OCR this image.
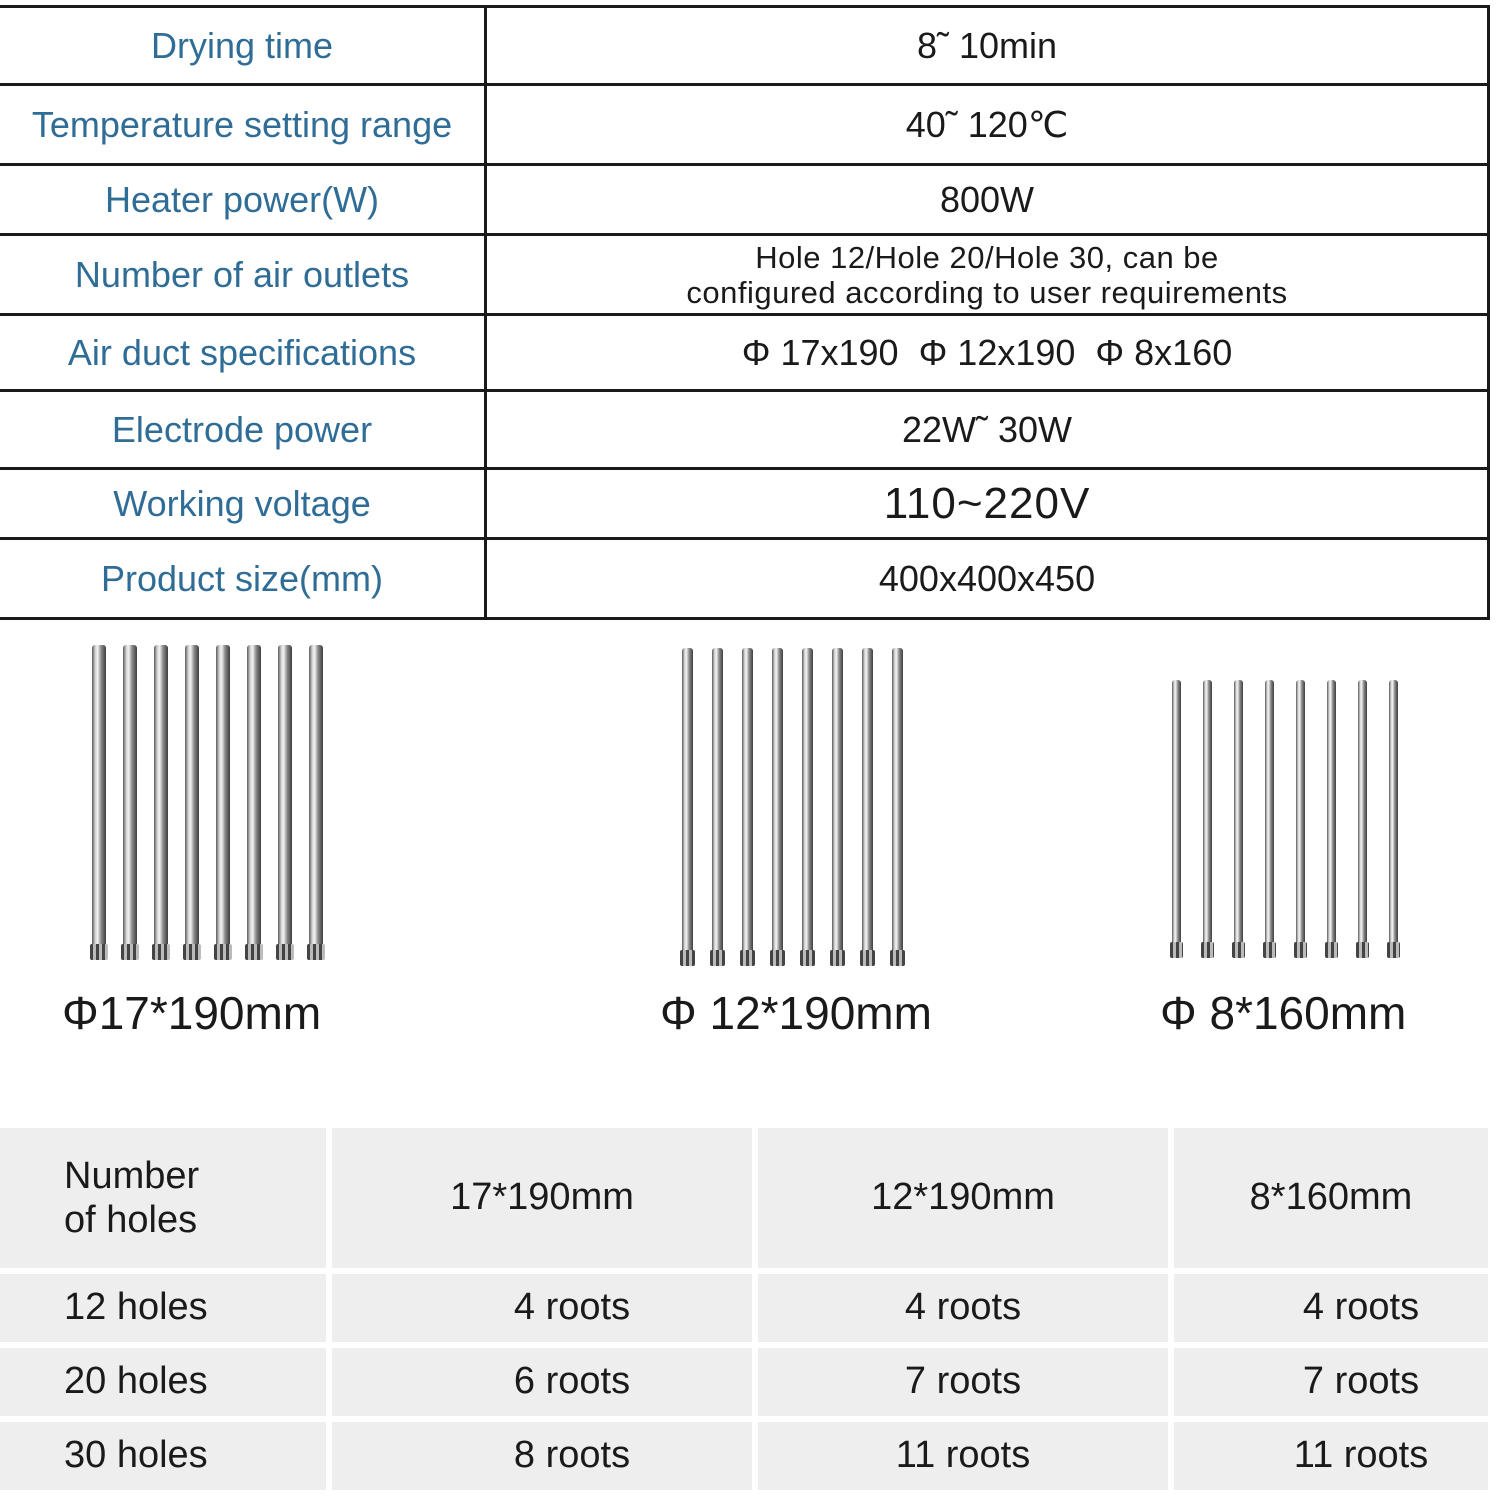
Drying time	8˜ 10min
Temperature setting range	40˜ 120℃
Heater power(W)	800W
Number of air outlets	Hole 12/Hole 20/Hole 30, can be
configured according to user requirements

Air duct specifications	Φ 17x190  Φ 12x190  Φ 8x160
Electrode power	22W˜ 30W
Working voltage	110~220V
Product size(mm)	400x400x450
Φ17*190mm	Φ 12*190mm	Φ 8*160mm
Number
of holes	17*190mm	12*190mm	8*160mm
12 holes	4 roots	4 roots	4 roots
20 holes	6 roots	7 roots	7 roots
30 holes	8 roots	11 roots	11 roots
